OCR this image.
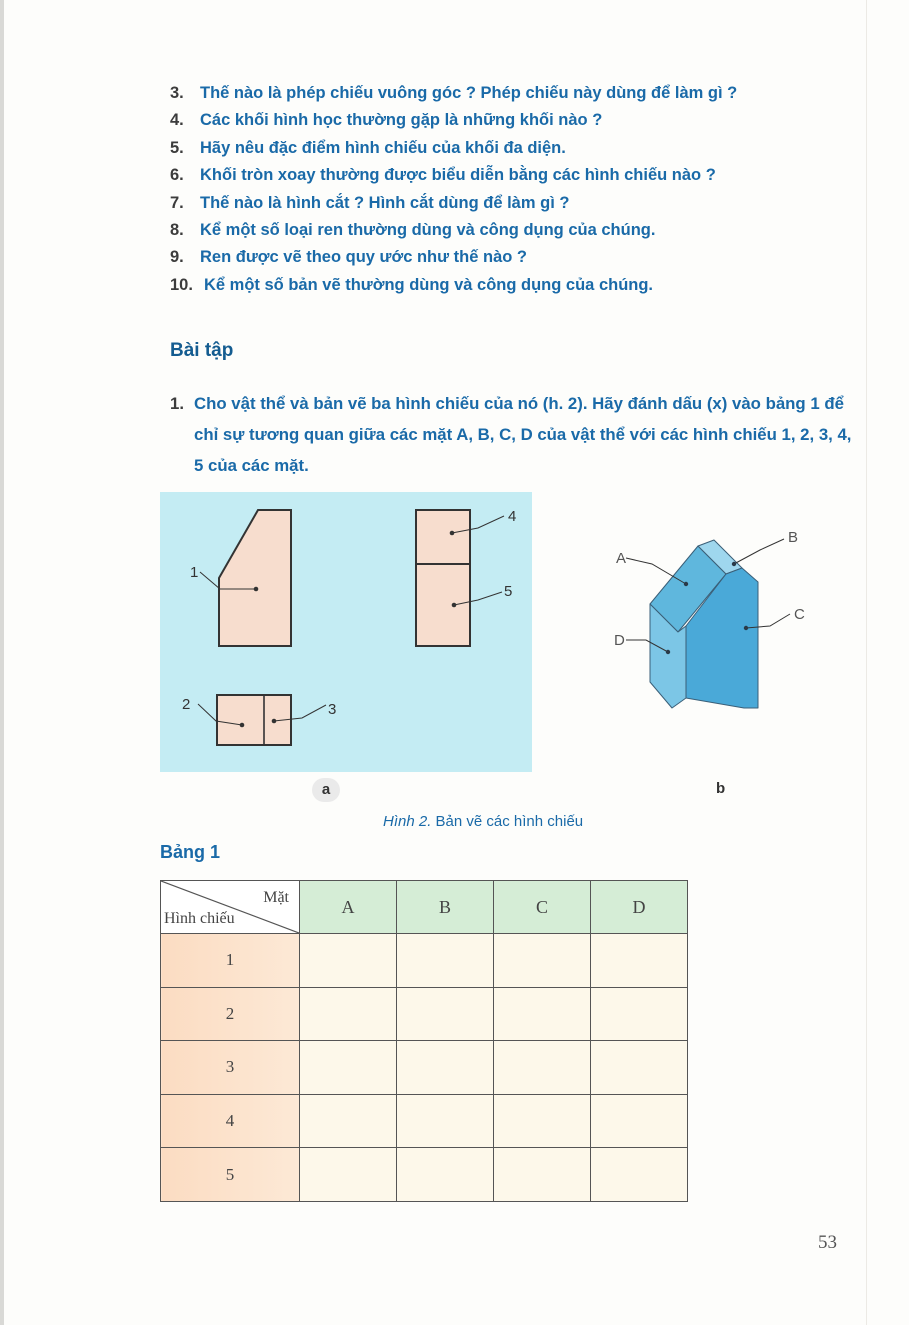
3. Thế nào là phép chiếu vuông góc ? Phép chiếu này dùng để làm gì ?
4. Các khối hình học thường gặp là những khối nào ?
5. Hãy nêu đặc điểm hình chiếu của khối đa diện.
6. Khối tròn xoay thường được biểu diễn bằng các hình chiếu nào ?
7. Thế nào là hình cắt ? Hình cắt dùng để làm gì ?
8. Kể một số loại ren thường dùng và công dụng của chúng.
9. Ren được vẽ theo quy ước như thế nào ?
10. Kể một số bản vẽ thường dùng và công dụng của chúng.
Bài tập
1. Cho vật thể và bản vẽ ba hình chiếu của nó (h. 2). Hãy đánh dấu (x) vào bảng 1 để chỉ sự tương quan giữa các mặt A, B, C, D của vật thể với các hình chiếu 1, 2, 3, 4, 5 của các mặt.
1
2	3
4
5
A
B
C
D
a	b
Hình 2. Bản vẽ các hình chiếu
Bảng 1
Mặt
Hình chiếu	A	B	C	D
1				
2				
3				
4				
5				
53
